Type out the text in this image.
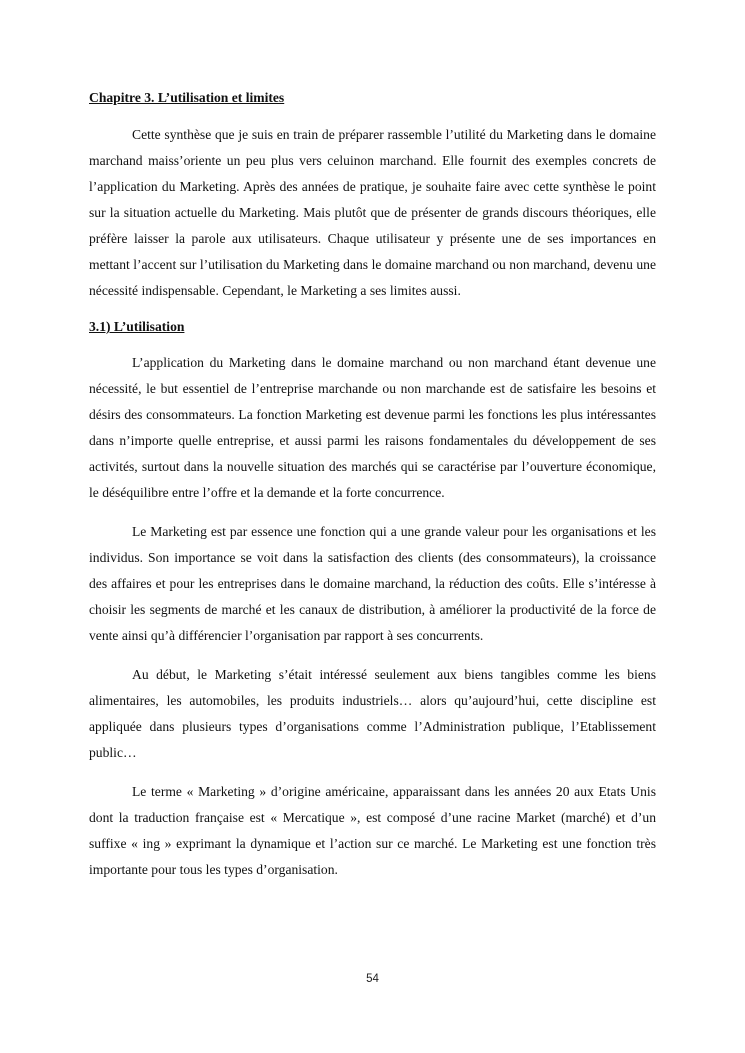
Chapitre 3. L’utilisation et limites

Cette synthèse que je suis en train de préparer rassemble l’utilité du Marketing dans le domaine marchand maiss’oriente un peu plus vers celuinon marchand. Elle fournit des exemples concrets de l’application du Marketing. Après des années de pratique, je souhaite faire avec cette synthèse le point sur la situation actuelle du Marketing. Mais plutôt que de présenter de grands discours théoriques, elle préfère laisser la parole aux utilisateurs. Chaque utilisateur y présente une de ses importances en mettant l’accent sur l’utilisation du Marketing dans le domaine marchand ou non marchand, devenu une nécessité indispensable. Cependant, le Marketing a ses limites aussi.

3.1) L’utilisation

L’application du Marketing dans le domaine marchand ou non marchand étant devenue une nécessité, le but essentiel de l’entreprise marchande ou non marchande est de satisfaire les besoins et désirs des consommateurs. La fonction Marketing est devenue parmi les fonctions les plus intéressantes dans n’importe quelle entreprise, et aussi parmi les raisons fondamentales du développement de ses activités, surtout dans la nouvelle situation des marchés qui se caractérise par l’ouverture économique, le déséquilibre entre l’offre et la demande et la forte concurrence.

Le Marketing est par essence une fonction qui a une grande valeur pour les organisations et les individus. Son importance se voit dans la satisfaction des clients (des consommateurs), la croissance des affaires et pour les entreprises dans le domaine marchand, la réduction des coûts. Elle s’intéresse à choisir les segments de marché et les canaux de distribution, à améliorer la productivité de la force de vente ainsi qu’à différencier l’organisation par rapport à ses concurrents.

Au début, le Marketing s’était intéressé seulement aux biens tangibles comme les biens alimentaires, les automobiles, les produits industriels… alors qu’aujourd’hui, cette discipline est appliquée dans plusieurs types d’organisations comme l’Administration publique, l’Etablissement public…

Le terme « Marketing » d’origine américaine, apparaissant dans les années 20 aux Etats Unis dont la traduction française est « Mercatique », est composé d’une racine Market (marché) et d’un suffixe « ing » exprimant la dynamique et l’action sur ce marché. Le Marketing est une fonction très importante pour tous les types d’organisation.

54
